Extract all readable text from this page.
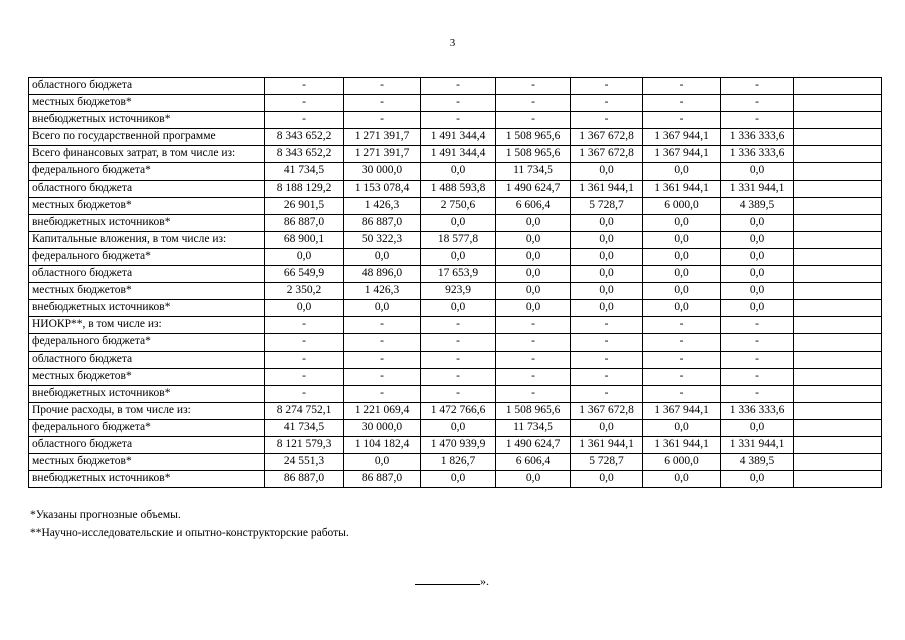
3
областного бюджета	-	-	-	-	-	-	-	
местных бюджетов*	-	-	-	-	-	-	-	
внебюджетных источников*	-	-	-	-	-	-	-	
Всего по государственной программе	8 343 652,2	1 271 391,7	1 491 344,4	1 508 965,6	1 367 672,8	1 367 944,1	1 336 333,6	
Всего финансовых затрат, в том числе из:	8 343 652,2	1 271 391,7	1 491 344,4	1 508 965,6	1 367 672,8	1 367 944,1	1 336 333,6	
федерального бюджета*	41 734,5	30 000,0	0,0	11 734,5	0,0	0,0	0,0	
областного бюджета	8 188 129,2	1 153 078,4	1 488 593,8	1 490 624,7	1 361 944,1	1 361 944,1	1 331 944,1	
местных бюджетов*	26 901,5	1 426,3	2 750,6	6 606,4	5 728,7	6 000,0	4 389,5	
внебюджетных источников*	86 887,0	86 887,0	0,0	0,0	0,0	0,0	0,0	
Капитальные вложения, в том числе из:	68 900,1	50 322,3	18 577,8	0,0	0,0	0,0	0,0	
федерального бюджета*	0,0	0,0	0,0	0,0	0,0	0,0	0,0	
областного бюджета	66 549,9	48 896,0	17 653,9	0,0	0,0	0,0	0,0	
местных бюджетов*	2 350,2	1 426,3	923,9	0,0	0,0	0,0	0,0	
внебюджетных источников*	0,0	0,0	0,0	0,0	0,0	0,0	0,0	
НИОКР**, в том числе из:	-	-	-	-	-	-	-	
федерального бюджета*	-	-	-	-	-	-	-	
областного бюджета	-	-	-	-	-	-	-	
местных бюджетов*	-	-	-	-	-	-	-	
внебюджетных источников*	-	-	-	-	-	-	-	
Прочие расходы, в том числе из:	8 274 752,1	1 221 069,4	1 472 766,6	1 508 965,6	1 367 672,8	1 367 944,1	1 336 333,6	
федерального бюджета*	41 734,5	30 000,0	0,0	11 734,5	0,0	0,0	0,0	
областного бюджета	8 121 579,3	1 104 182,4	1 470 939,9	1 490 624,7	1 361 944,1	1 361 944,1	1 331 944,1	
местных бюджетов*	24 551,3	0,0	1 826,7	6 606,4	5 728,7	6 000,0	4 389,5	
внебюджетных источников*	86 887,0	86 887,0	0,0	0,0	0,0	0,0	0,0	
*Указаны прогнозные объемы.
**Научно-исследовательские и опытно-конструкторские работы.
».
